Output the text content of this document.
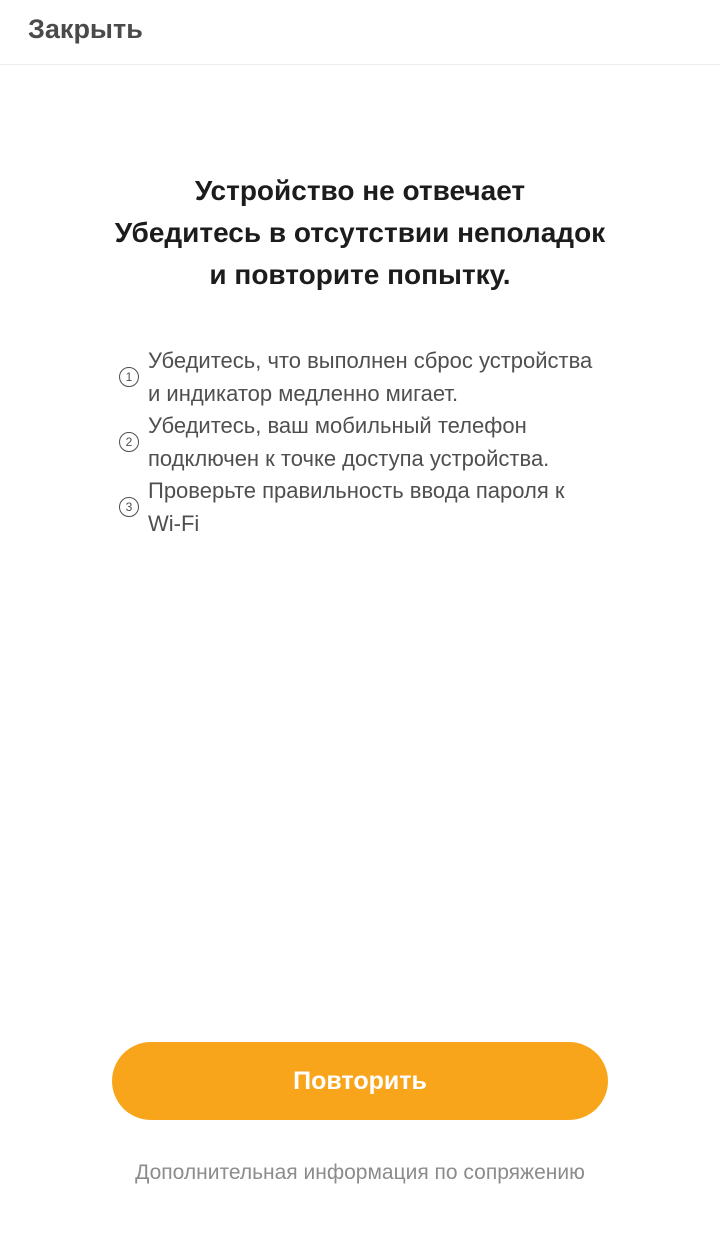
Закрыть
Устройство не отвечает
Убедитесь в отсутствии неполадок
и повторите попытку.
1
Убедитесь, что выполнен сброс устройства и индикатор медленно мигает.
2
Убедитесь, ваш мобильный телефон подключен к точке доступа устройства.
3
Проверьте правильность ввода пароля к Wi-Fi
Повторить
Дополнительная информация по сопряжению
